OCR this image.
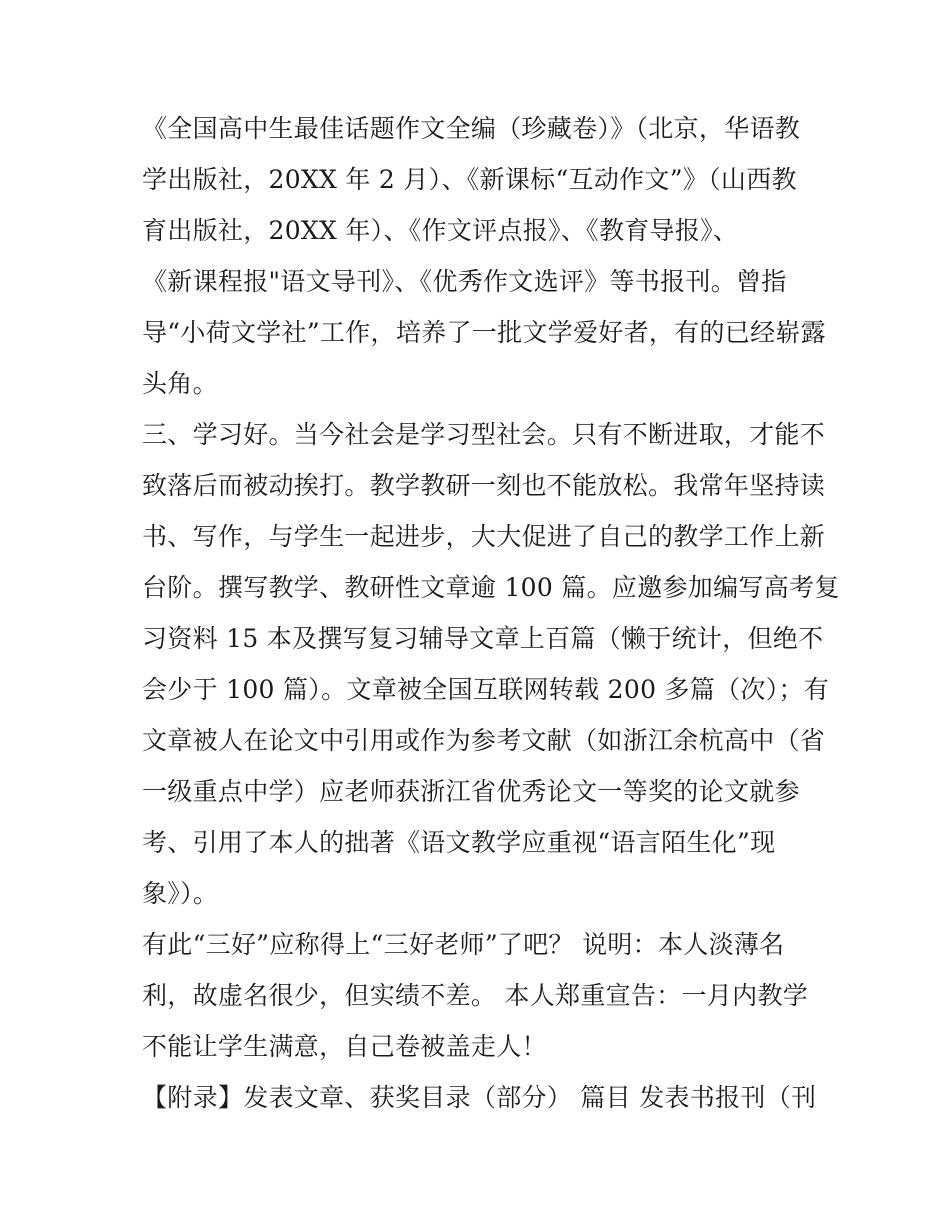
《全国高中生最佳话题作文全编（珍藏卷）》（北京，华语教
学出版社，20XX 年 2 月）、《新课标“互动作文”》（山西教
育出版社，20XX 年）、《作文评点报》、《教育导报》、
《新课程报"语文导刊》、《优秀作文选评》等书报刊。曾指
导“小荷文学社”工作，培养了一批文学爱好者，有的已经崭露
头角。
三、学习好。当今社会是学习型社会。只有不断进取，才能不
致落后而被动挨打。教学教研一刻也不能放松。我常年坚持读
书、写作，与学生一起进步，大大促进了自己的教学工作上新
台阶。撰写教学、教研性文章逾 100 篇。应邀参加编写高考复
习资料 15 本及撰写复习辅导文章上百篇（懒于统计，但绝不
会少于 100 篇）。文章被全国互联网转载 200 多篇（次）；有
文章被人在论文中引用或作为参考文献（如浙江余杭高中（省
一级重点中学）应老师获浙江省优秀论文一等奖的论文就参
考、引用了本人的拙著《语文教学应重视“语言陌生化”现
象》）。
有此“三好”应称得上“三好老师”了吧？ 说明：本人淡薄名
利，故虚名很少，但实绩不差。 本人郑重宣告：一月内教学
不能让学生满意，自己卷被盖走人！
【附录】发表文章、获奖目录（部分） 篇目 发表书报刊（刊
